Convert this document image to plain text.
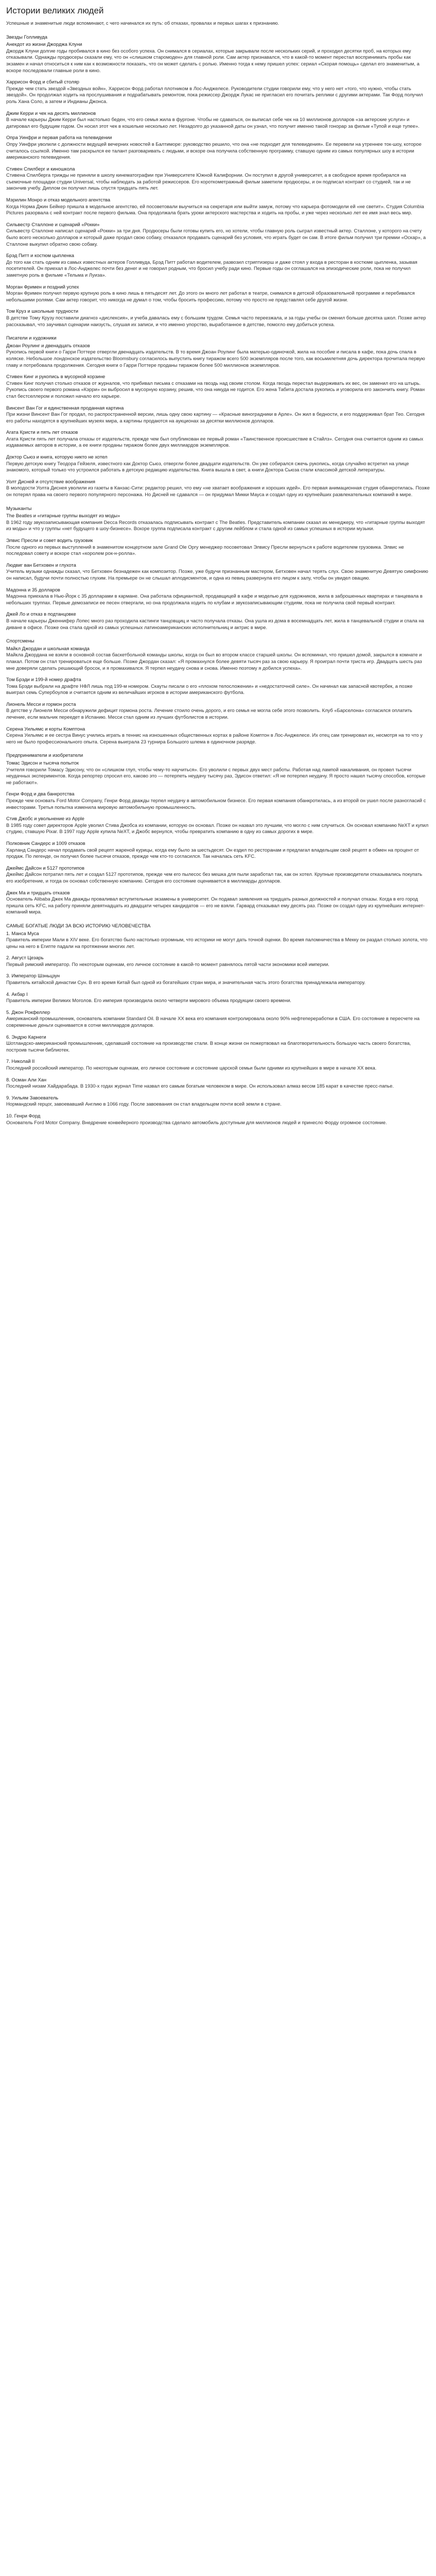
Истории великих людей

Успешные и знаменитые люди вспоминают, с чего начинался их путь: об отказах, провалах и первых шагах к признанию.

Звезды Голливуда
Анекдот из жизни Джорджа Клуни
Джордж Клуни долгие годы пробивался в кино без особого успеха. Он снимался в сериалах, которые закрывали после нескольких серий, и проходил десятки проб, на которых ему отказывали. Однажды продюсеры сказали ему, что он «слишком старомоден» для главной роли. Сам актер признавался, что в какой-то момент перестал воспринимать пробы как экзамен и начал относиться к ним как к возможности показать, что он может сделать с ролью. Именно тогда к нему пришел успех: сериал «Скорая помощь» сделал его знаменитым, а вскоре последовали главные роли в кино.
Харрисон Форд и сбитый столяр
Прежде чем стать звездой «Звездных войн», Харрисон Форд работал плотником в Лос-Анджелесе. Руководители студии говорили ему, что у него нет «того, что нужно, чтобы стать звездой». Он продолжал ходить на прослушивания и подрабатывать ремонтом, пока режиссер Джордж Лукас не пригласил его почитать реплики с другими актерами. Так Форд получил роль Хана Соло, а затем и Индианы Джонса.
Джим Керри и чек на десять миллионов
В начале карьеры Джим Керри был настолько беден, что его семья жила в фургоне. Чтобы не сдаваться, он выписал себе чек на 10 миллионов долларов «за актерские услуги» и датировал его будущим годом. Он носил этот чек в кошельке несколько лет. Незадолго до указанной даты он узнал, что получит именно такой гонорар за фильм «Тупой и еще тупее».
Опра Уинфри и первая работа на телевидении
Опру Уинфри уволили с должности ведущей вечерних новостей в Балтиморе: руководство решило, что она «не подходит для телевидения». Ее перевели на утреннее ток-шоу, которое считалось ссылкой. Именно там раскрылся ее талант разговаривать с людьми, и вскоре она получила собственную программу, ставшую одним из самых популярных шоу в истории американского телевидения.
Стивен Спилберг и киношкола
Стивена Спилберга трижды не приняли в школу кинематографии при Университете Южной Калифорнии. Он поступил в другой университет, а в свободное время пробирался на съемочные площадки студии Universal, чтобы наблюдать за работой режиссеров. Его короткометражный фильм заметили продюсеры, и он подписал контракт со студией, так и не закончив учебу. Диплом он получил лишь спустя тридцать пять лет.
Мэрилин Монро и отказ модельного агентства
Когда Норма Джин Бейкер пришла в модельное агентство, ей посоветовали выучиться на секретаря или выйти замуж, потому что карьера фотомодели ей «не светит». Студия Columbia Pictures разорвала с ней контракт после первого фильма. Она продолжала брать уроки актерского мастерства и ходить на пробы, и уже через несколько лет ее имя знал весь мир.
Сильвестр Сталлоне и сценарий «Рокки»
Сильвестр Сталлоне написал сценарий «Рокки» за три дня. Продюсеры были готовы купить его, но хотели, чтобы главную роль сыграл известный актер. Сталлоне, у которого на счету было всего несколько долларов и который даже продал свою собаку, отказался продавать сценарий без условия, что играть будет он сам. В итоге фильм получил три премии «Оскар», а Сталлоне выкупил обратно свою собаку.
Брэд Питт и костюм цыпленка
До того как стать одним из самых известных актеров Голливуда, Брэд Питт работал водителем, развозил стриптизерш и даже стоял у входа в ресторан в костюме цыпленка, зазывая посетителей. Он приехал в Лос-Анджелес почти без денег и не говорил родным, что бросил учебу ради кино. Первые годы он соглашался на эпизодические роли, пока не получил заметную роль в фильме «Тельма и Луиза».
Морган Фримен и поздний успех
Морган Фримен получил первую крупную роль в кино лишь в пятьдесят лет. До этого он много лет работал в театре, снимался в детской образовательной программе и перебивался небольшими ролями. Сам актер говорит, что никогда не думал о том, чтобы бросить профессию, потому что просто не представлял себе другой жизни.
Том Круз и школьные трудности
В детстве Тому Крузу поставили диагноз «дислексия», и учеба давалась ему с большим трудом. Семья часто переезжала, и за годы учебы он сменил больше десятка школ. Позже актер рассказывал, что заучивал сценарии наизусть, слушая их записи, и что именно упорство, выработанное в детстве, помогло ему добиться успеха.
Писатели и художники
Джоан Роулинг и двенадцать отказов
Рукопись первой книги о Гарри Поттере отвергли двенадцать издательств. В то время Джоан Роулинг была матерью-одиночкой, жила на пособие и писала в кафе, пока дочь спала в коляске. Небольшое лондонское издательство Bloomsbury согласилось выпустить книгу тиражом всего 500 экземпляров после того, как восьмилетняя дочь директора прочитала первую главу и потребовала продолжения. Сегодня книги о Гарри Поттере проданы тиражом более 500 миллионов экземпляров.
Стивен Кинг и рукопись в мусорной корзине
Стивен Кинг получил столько отказов от журналов, что прибивал письма с отказами на гвоздь над своим столом. Когда гвоздь перестал выдерживать их вес, он заменил его на штырь. Рукопись своего первого романа «Кэрри» он выбросил в мусорную корзину, решив, что она никуда не годится. Его жена Табита достала рукопись и уговорила его закончить книгу. Роман стал бестселлером и положил начало его карьере.
Винсент Ван Гог и единственная проданная картина
При жизни Винсент Ван Гог продал, по распространенной версии, лишь одну свою картину — «Красные виноградники в Арле». Он жил в бедности, и его поддерживал брат Тео. Сегодня его работы находятся в крупнейших музеях мира, а картины продаются на аукционах за десятки миллионов долларов.
Агата Кристи и пять лет отказов
Агата Кристи пять лет получала отказы от издательств, прежде чем был опубликован ее первый роман «Таинственное происшествие в Стайлз». Сегодня она считается одним из самых издаваемых авторов в истории, а ее книги проданы тиражом более двух миллиардов экземпляров.
Доктор Сьюз и книга, которую никто не хотел
Первую детскую книгу Теодора Гейзеля, известного как Доктор Сьюз, отвергли более двадцати издательств. Он уже собирался сжечь рукопись, когда случайно встретил на улице знакомого, который только что устроился работать в детскую редакцию издательства. Книга вышла в свет, а книги Доктора Сьюза стали классикой детской литературы.
Уолт Дисней и отсутствие воображения
В молодости Уолта Диснея уволили из газеты в Канзас-Сити: редактор решил, что ему «не хватает воображения и хороших идей». Его первая анимационная студия обанкротилась. Позже он потерял права на своего первого популярного персонажа. Но Дисней не сдавался — он придумал Микки Мауса и создал одну из крупнейших развлекательных компаний в мире.
Музыканты
The Beatles и «гитарные группы выходят из моды»
В 1962 году звукозаписывающая компания Decca Records отказалась подписывать контракт с The Beatles. Представитель компании сказал их менеджеру, что «гитарные группы выходят из моды» и что у группы «нет будущего в шоу-бизнесе». Вскоре группа подписала контракт с другим лейблом и стала одной из самых успешных в истории музыки.
Элвис Пресли и совет водить грузовик
После одного из первых выступлений в знаменитом концертном зале Grand Ole Opry менеджер посоветовал Элвису Пресли вернуться к работе водителем грузовика. Элвис не последовал совету и вскоре стал «королем рок-н-ролла».
Людвиг ван Бетховен и глухота
Учитель музыки однажды сказал, что Бетховен безнадежен как композитор. Позже, уже будучи признанным мастером, Бетховен начал терять слух. Свою знаменитую Девятую симфонию он написал, будучи почти полностью глухим. На премьере он не слышал аплодисментов, и одна из певиц развернула его лицом к залу, чтобы он увидел овацию.
Мадонна и 35 долларов
Мадонна приехала в Нью-Йорк с 35 долларами в кармане. Она работала официанткой, продавщицей в кафе и моделью для художников, жила в заброшенных квартирах и танцевала в небольших труппах. Первые демозаписи ее песен отвергали, но она продолжала ходить по клубам и звукозаписывающим студиям, пока не получила свой первый контракт.
Джей Ло и отказ в подтанцовке
В начале карьеры Дженнифер Лопес много раз проходила кастинги танцовщиц и часто получала отказы. Она ушла из дома в восемнадцать лет, жила в танцевальной студии и спала на диване в офисе. Позже она стала одной из самых успешных латиноамериканских исполнительниц и актрис в мире.
Спортсмены
Майкл Джордан и школьная команда
Майкла Джордана не взяли в основной состав баскетбольной команды школы, когда он был во втором классе старшей школы. Он вспоминал, что пришел домой, закрылся в комнате и плакал. Потом он стал тренироваться еще больше. Позже Джордан сказал: «Я промахнулся более девяти тысяч раз за свою карьеру. Я проиграл почти триста игр. Двадцать шесть раз мне доверяли сделать решающий бросок, и я промахивался. Я терпел неудачу снова и снова. Именно поэтому я добился успеха».
Том Брэди и 199-й номер драфта
Тома Брэди выбрали на драфте НФЛ лишь под 199-м номером. Скауты писали о его «плохом телосложении» и «недостаточной силе». Он начинал как запасной квотербек, а позже выиграл семь Супербоулов и считается одним из величайших игроков в истории американского футбола.
Лионель Месси и гормон роста
В детстве у Лионеля Месси обнаружили дефицит гормона роста. Лечение стоило очень дорого, и его семья не могла себе этого позволить. Клуб «Барселона» согласился оплатить лечение, если мальчик переедет в Испанию. Месси стал одним из лучших футболистов в истории.
Серена Уильямс и корты Комптона
Серена Уильямс и ее сестра Винус учились играть в теннис на изношенных общественных кортах в районе Комптон в Лос-Анджелесе. Их отец сам тренировал их, несмотря на то что у него не было профессионального опыта. Серена выиграла 23 турнира Большого шлема в одиночном разряде.
Предприниматели и изобретатели
Томас Эдисон и тысяча попыток
Учителя говорили Томасу Эдисону, что он «слишком глуп, чтобы чему-то научиться». Его уволили с первых двух мест работы. Работая над лампой накаливания, он провел тысячи неудачных экспериментов. Когда репортер спросил его, каково это — потерпеть неудачу тысячу раз, Эдисон ответил: «Я не потерпел неудачу. Я просто нашел тысячу способов, которые не работают».
Генри Форд и два банкротства
Прежде чем основать Ford Motor Company, Генри Форд дважды терпел неудачу в автомобильном бизнесе. Его первая компания обанкротилась, а из второй он ушел после разногласий с инвесторами. Третья попытка изменила мировую автомобильную промышленность.
Стив Джобс и увольнение из Apple
В 1985 году совет директоров Apple уволил Стива Джобса из компании, которую он основал. Позже он назвал это лучшим, что могло с ним случиться. Он основал компанию NeXT и купил студию, ставшую Pixar. В 1997 году Apple купила NeXT, и Джобс вернулся, чтобы превратить компанию в одну из самых дорогих в мире.
Полковник Сандерс и 1009 отказов
Харланд Сандерс начал продавать свой рецепт жареной курицы, когда ему было за шестьдесят. Он ездил по ресторанам и предлагал владельцам свой рецепт в обмен на процент от продаж. По легенде, он получил более тысячи отказов, прежде чем кто-то согласился. Так началась сеть KFC.
Джеймс Дайсон и 5127 прототипов
Джеймс Дайсон потратил пять лет и создал 5127 прототипов, прежде чем его пылесос без мешка для пыли заработал так, как он хотел. Крупные производители отказывались покупать его изобретение, и тогда он основал собственную компанию. Сегодня его состояние оценивается в миллиарды долларов.
Джек Ма и тридцать отказов
Основатель Alibaba Джек Ма дважды проваливал вступительные экзамены в университет. Он подавал заявления на тридцать разных должностей и получал отказы. Когда в его город пришла сеть KFC, на работу приняли девятнадцать из двадцати четырех кандидатов — его не взяли. Гарвард отказывал ему десять раз. Позже он создал одну из крупнейших интернет-компаний мира.
САМЫЕ БОГАТЫЕ ЛЮДИ ЗА ВСЮ ИСТОРИЮ ЧЕЛОВЕЧЕСТВА
1. Манса Муса
Правитель империи Мали в XIV веке. Его богатство было настолько огромным, что историки не могут дать точной оценки. Во время паломничества в Мекку он раздал столько золота, что цены на него в Египте падали на протяжении многих лет.
2. Август Цезарь
Первый римский император. По некоторым оценкам, его личное состояние в какой-то момент равнялось пятой части экономики всей империи.
3. Император Шэньцзун
Правитель китайской династии Сун. В его время Китай был одной из богатейших стран мира, и значительная часть этого богатства принадлежала императору.
4. Акбар I
Правитель империи Великих Моголов. Его империя производила около четверти мирового объема продукции своего времени.
5. Джон Рокфеллер
Американский промышленник, основатель компании Standard Oil. В начале XX века его компания контролировала около 90% нефтепереработки в США. Его состояние в пересчете на современные деньги оценивается в сотни миллиардов долларов.
6. Эндрю Карнеги
Шотландско-американский промышленник, сделавший состояние на производстве стали. В конце жизни он пожертвовал на благотворительность большую часть своего богатства, построив тысячи библиотек.
7. Николай II
Последний российский император. По некоторым оценкам, его личное состояние и состояние царской семьи были одними из крупнейших в мире в начале XX века.
8. Осман Али Хан
Последний низам Хайдарабада. В 1930-х годах журнал Time назвал его самым богатым человеком в мире. Он использовал алмаз весом 185 карат в качестве пресс-папье.
9. Уильям Завоеватель
Нормандский герцог, завоевавший Англию в 1066 году. После завоевания он стал владельцем почти всей земли в стране.
10. Генри Форд
Основатель Ford Motor Company. Внедрение конвейерного производства сделало автомобиль доступным для миллионов людей и принесло Форду огромное состояние.
